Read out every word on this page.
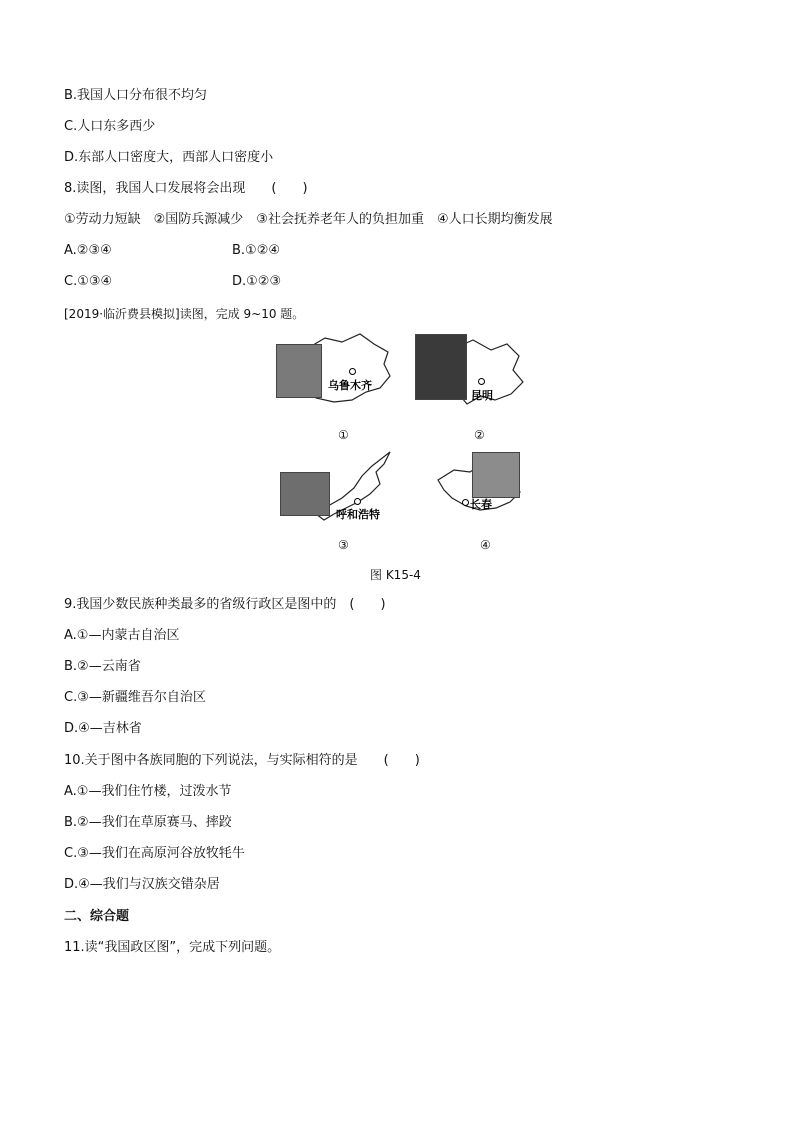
B.我国人口分布很不均匀
C.人口东多西少
D.东部人口密度大，西部人口密度小
8.读图，我国人口发展将会出现　　(　　)
①劳动力短缺　②国防兵源减少　③社会抚养老年人的负担加重　④人口长期均衡发展
A.②③④	B.①②④
C.①③④	D.①②③
[2019·临沂费县模拟]读图，完成 9~10 题。
乌鲁木齐
①
昆明
②
呼和浩特
③
长春
④
图 K15-4
9.我国少数民族种类最多的省级行政区是图中的　(　　)
A.①—内蒙古自治区
B.②—云南省
C.③—新疆维吾尔自治区
D.④—吉林省
10.关于图中各族同胞的下列说法，与实际相符的是　　(　　)
A.①—我们住竹楼，过泼水节
B.②—我们在草原赛马、摔跤
C.③—我们在高原河谷放牧牦牛
D.④—我们与汉族交错杂居
二、综合题
11.读“我国政区图”，完成下列问题。
